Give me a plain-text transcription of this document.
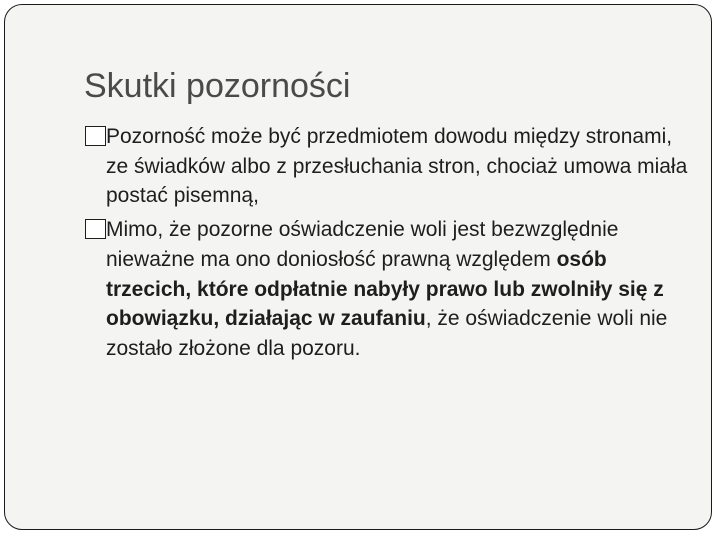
Skutki pozorności
Pozorność może być przedmiotem dowodu między stronami, ze świadków albo z przesłuchania stron, chociaż umowa miała postać pisemną,
Mimo, że pozorne oświadczenie woli jest bezwzględnie nieważne ma ono doniosłość prawną względem osób trzecich, które odpłatnie nabyły prawo lub zwolniły się z obowiązku, działając w zaufaniu, że oświadczenie woli nie zostało złożone dla pozoru.
